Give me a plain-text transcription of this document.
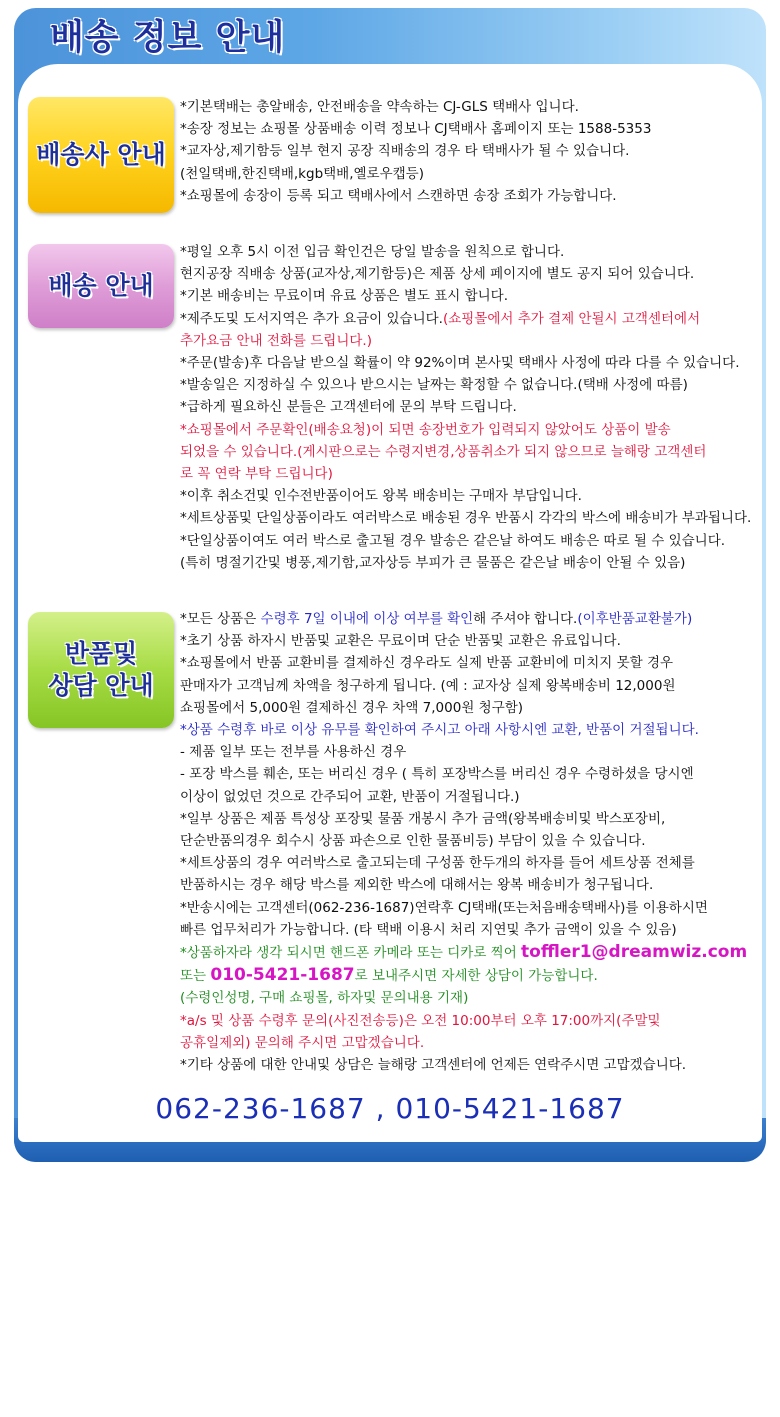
배송 정보 안내
배송사 안내
배송 안내
반품및
상담 안내
*기본택배는 총알배송, 안전배송을 약속하는 CJ-GLS 택배사 입니다.
*송장 정보는 쇼핑몰 상품배송 이력 정보나 CJ택배사 홈페이지 또는 1588-5353
*교자상,제기함등 일부 현지 공장 직배송의 경우 타 택배사가 될 수 있습니다.
(천일택배,한진택배,kgb택배,옐로우캡등)
*쇼핑몰에 송장이 등록 되고 택배사에서 스캔하면 송장 조회가 가능합니다.
*평일 오후 5시 이전 입금 확인건은 당일 발송을 원칙으로 합니다.
현지공장 직배송 상품(교자상,제기함등)은 제품 상세 페이지에 별도 공지 되어 있습니다.
*기본 배송비는 무료이며 유료 상품은 별도 표시 합니다.
*제주도및 도서지역은 추가 요금이 있습니다.(쇼핑몰에서 추가 결제 안될시 고객센터에서
추가요금 안내 전화를 드립니다.)
*주문(발송)후 다음날 받으실 확률이 약 92%이며 본사및 택배사 사정에 따라 다를 수 있습니다.
*발송일은 지정하실 수 있으나 받으시는 날짜는 확정할 수 없습니다.(택배 사정에 따름)
*급하게 필요하신 분들은 고객센터에 문의 부탁 드립니다.
*쇼핑몰에서 주문확인(배송요청)이 되면 송장번호가 입력되지 않았어도 상품이 발송
되었을 수 있습니다.(게시판으로는 수령지변경,상품취소가 되지 않으므로 늘해랑 고객센터
로 꼭 연락 부탁 드립니다)
*이후 취소건및 인수전반품이어도 왕복 배송비는 구매자 부담입니다.
*세트상품및 단일상품이라도 여러박스로 배송된 경우 반품시 각각의 박스에 배송비가 부과됩니다.
*단일상품이여도 여러 박스로 출고될 경우 발송은 같은날 하여도 배송은 따로 될 수 있습니다.
(특히 명절기간및 병풍,제기함,교자상등 부피가 큰 물품은 같은날 배송이 안될 수 있음)
*모든 상품은 수령후 7일 이내에 이상 여부를 확인해 주셔야 합니다.(이후반품교환불가)
*초기 상품 하자시 반품및 교환은 무료이며 단순 반품및 교환은 유료입니다.
*쇼핑몰에서 반품 교환비를 결제하신 경우라도 실제 반품 교환비에 미치지 못할 경우
판매자가 고객님께 차액을 청구하게 됩니다. (예 : 교자상 실제 왕복배송비 12,000원
쇼핑몰에서 5,000원 결제하신 경우 차액 7,000원 청구함)
*상품 수령후 바로 이상 유무를 확인하여 주시고 아래 사항시엔 교환, 반품이 거절됩니다.
- 제품 일부 또는 전부를 사용하신 경우
- 포장 박스를 훼손, 또는 버리신 경우 ( 특히 포장박스를 버리신 경우 수령하셨을 당시엔
이상이 없었던 것으로 간주되어 교환, 반품이 거절됩니다.)
*일부 상품은 제품 특성상 포장및 물품 개봉시 추가 금액(왕복배송비및 박스포장비,
단순반품의경우 회수시 상품 파손으로 인한 물품비등) 부담이 있을 수 있습니다.
*세트상품의 경우 여러박스로 출고되는데 구성품 한두개의 하자를 들어 세트상품 전체를
반품하시는 경우 해당 박스를 제외한 박스에 대해서는 왕복 배송비가 청구됩니다.
*반송시에는 고객센터(062-236-1687)연락후 CJ택배(또는처음배송택배사)를 이용하시면
빠른 업무처리가 가능합니다. (타 택배 이용시 처리 지연및 추가 금액이 있을 수 있음)
*상품하자라 생각 되시면 핸드폰 카메라 또는 디카로 찍어 toffler1@dreamwiz.com
또는 010-5421-1687로 보내주시면 자세한 상담이 가능합니다.
(수령인성명, 구매 쇼핑몰, 하자및 문의내용 기재)
*a/s 및 상품 수령후 문의(사진전송등)은 오전 10:00부터 오후 17:00까지(주말및
공휴일제외) 문의해 주시면 고맙겠습니다.
*기타 상품에 대한 안내및 상담은 늘해랑 고객센터에 언제든 연락주시면 고맙겠습니다.
062-236-1687 , 010-5421-1687
